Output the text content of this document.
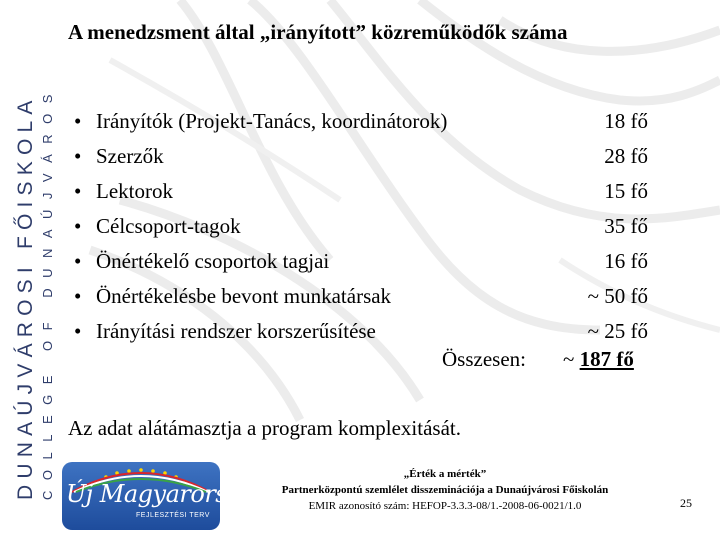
DUNAÚJVÁROSI FŐISKOLA COLLEGE OF DUNAÚJVÁROS
A menedzsment által „irányított” közreműködők száma
• Irányítók (Projekt-Tanács, koordinátorok)	18 fő
• Szerzők	28 fő
• Lektorok	15 fő
• Célcsoport-tagok	35 fő
• Önértékelő csoportok tagjai	16 fő
• Önértékelésbe bevont munkatársak	~ 50 fő
• Irányítási rendszer korszerűsítése	~ 25 fő
Összesen: ~ 187 fő
Az adat alátámasztja a program komplexitását.
Új Magyarország
FEJLESZTÉSI TERV
„Érték a mérték”
Partnerközpontú szemlélet disszeminációja a Dunaújvárosi Főiskolán
EMIR azonosító szám: HEFOP-3.3.3-08/1.-2008-06-0021/1.0	25
